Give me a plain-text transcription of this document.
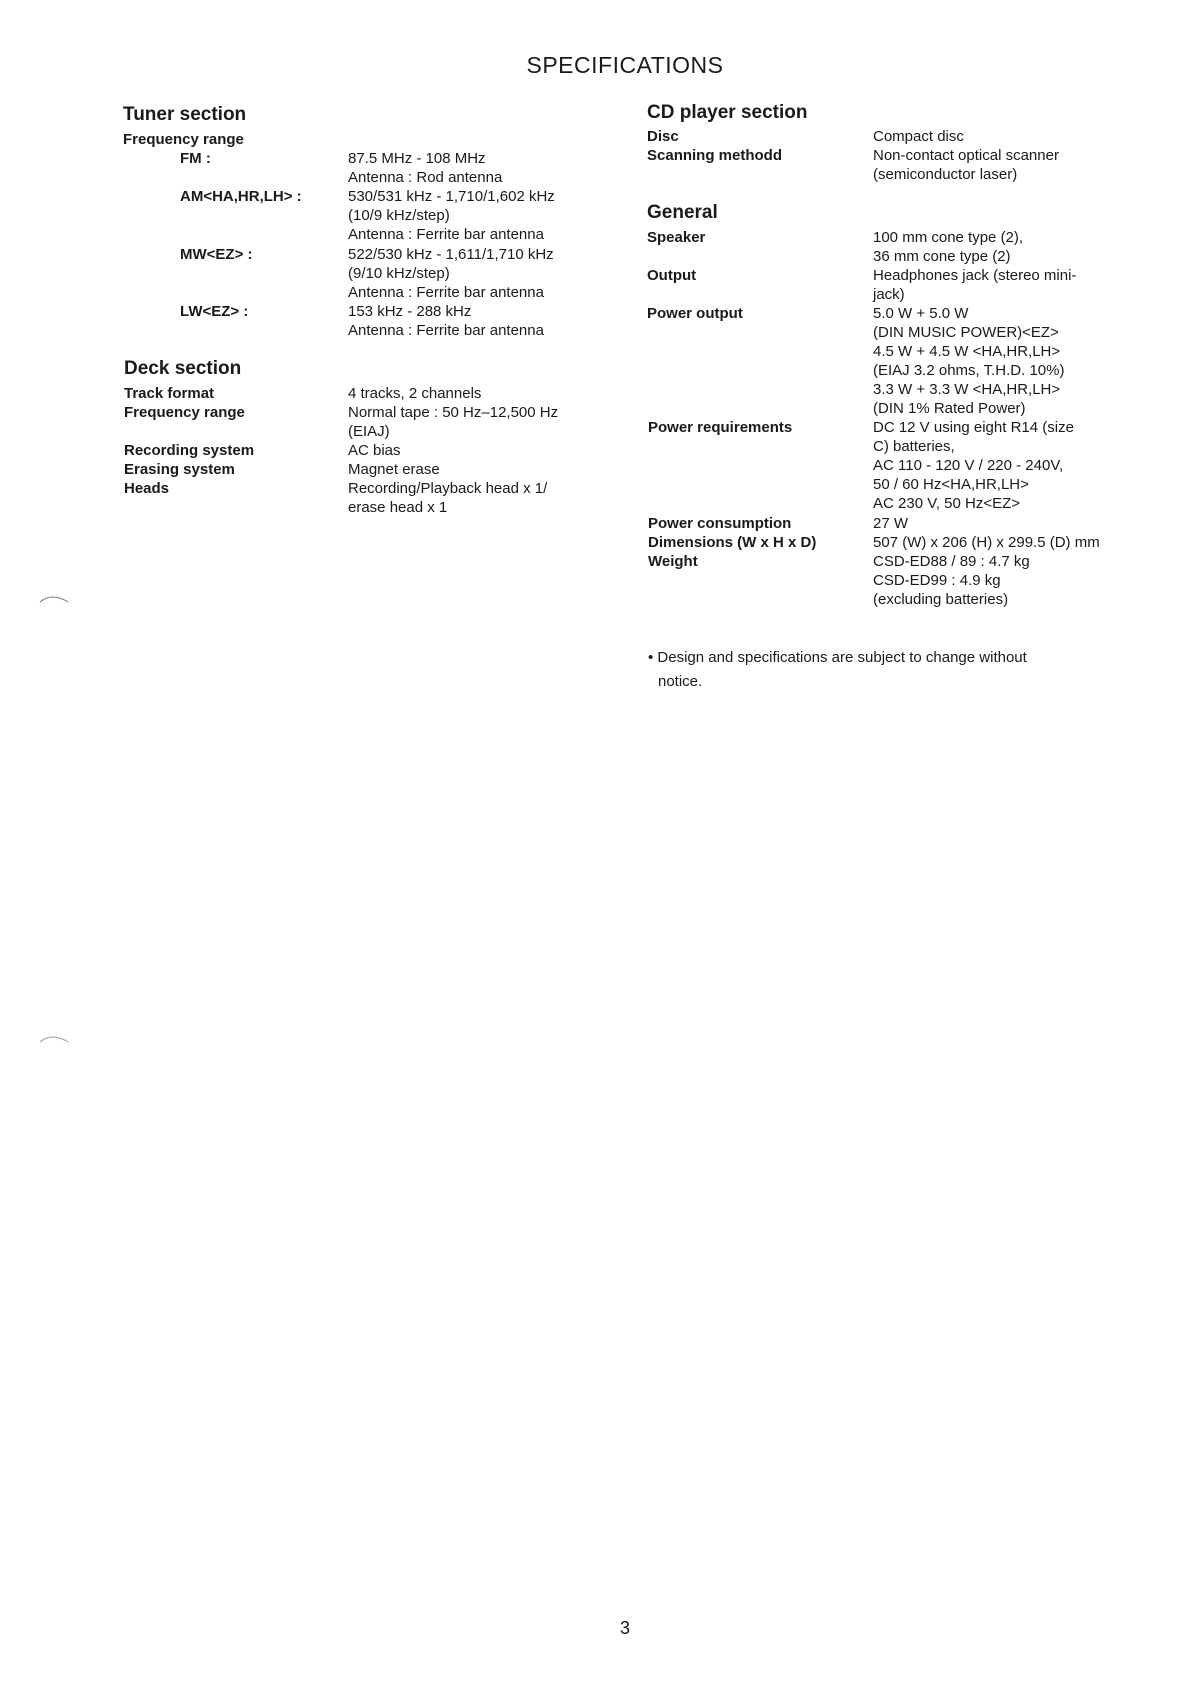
SPECIFICATIONS
Tuner section
Frequency range
FM :	87.5 MHz - 108 MHz
Antenna : Rod antenna
AM<HA,HR,LH> :	530/531 kHz - 1,710/1,602 kHz
(10/9 kHz/step)
Antenna : Ferrite bar antenna
MW<EZ> :	522/530 kHz - 1,611/1,710 kHz
(9/10 kHz/step)
Antenna : Ferrite bar antenna
LW<EZ> :	153 kHz - 288 kHz
Antenna : Ferrite bar antenna
Deck section
Track format	4 tracks, 2 channels
Frequency range	Normal tape : 50 Hz–12,500 Hz
(EIAJ)
Recording system	AC bias
Erasing system	Magnet erase
Heads	Recording/Playback head x 1/
erase head x 1
CD player section
Disc	Compact disc
Scanning methodd	Non-contact optical scanner
(semiconductor laser)
General
Speaker	100 mm cone type (2),
36 mm cone type (2)
Output	Headphones jack (stereo mini-
jack)
Power output	5.0 W + 5.0 W
(DIN MUSIC POWER)<EZ>
4.5 W + 4.5 W <HA,HR,LH>
(EIAJ 3.2 ohms, T.H.D. 10%)
3.3 W + 3.3 W <HA,HR,LH>
(DIN 1% Rated Power)
Power requirements	DC 12 V using eight R14 (size
C) batteries,
AC 110 - 120 V / 220 - 240V,
50 / 60 Hz<HA,HR,LH>
AC 230 V, 50 Hz<EZ>
Power consumption	27 W
Dimensions (W x H x D)	507 (W) x 206 (H) x 299.5 (D) mm
Weight	CSD-ED88 / 89 : 4.7 kg
CSD-ED99 : 4.9 kg
(excluding batteries)
• Design and specifications are subject to change without
notice.
3
